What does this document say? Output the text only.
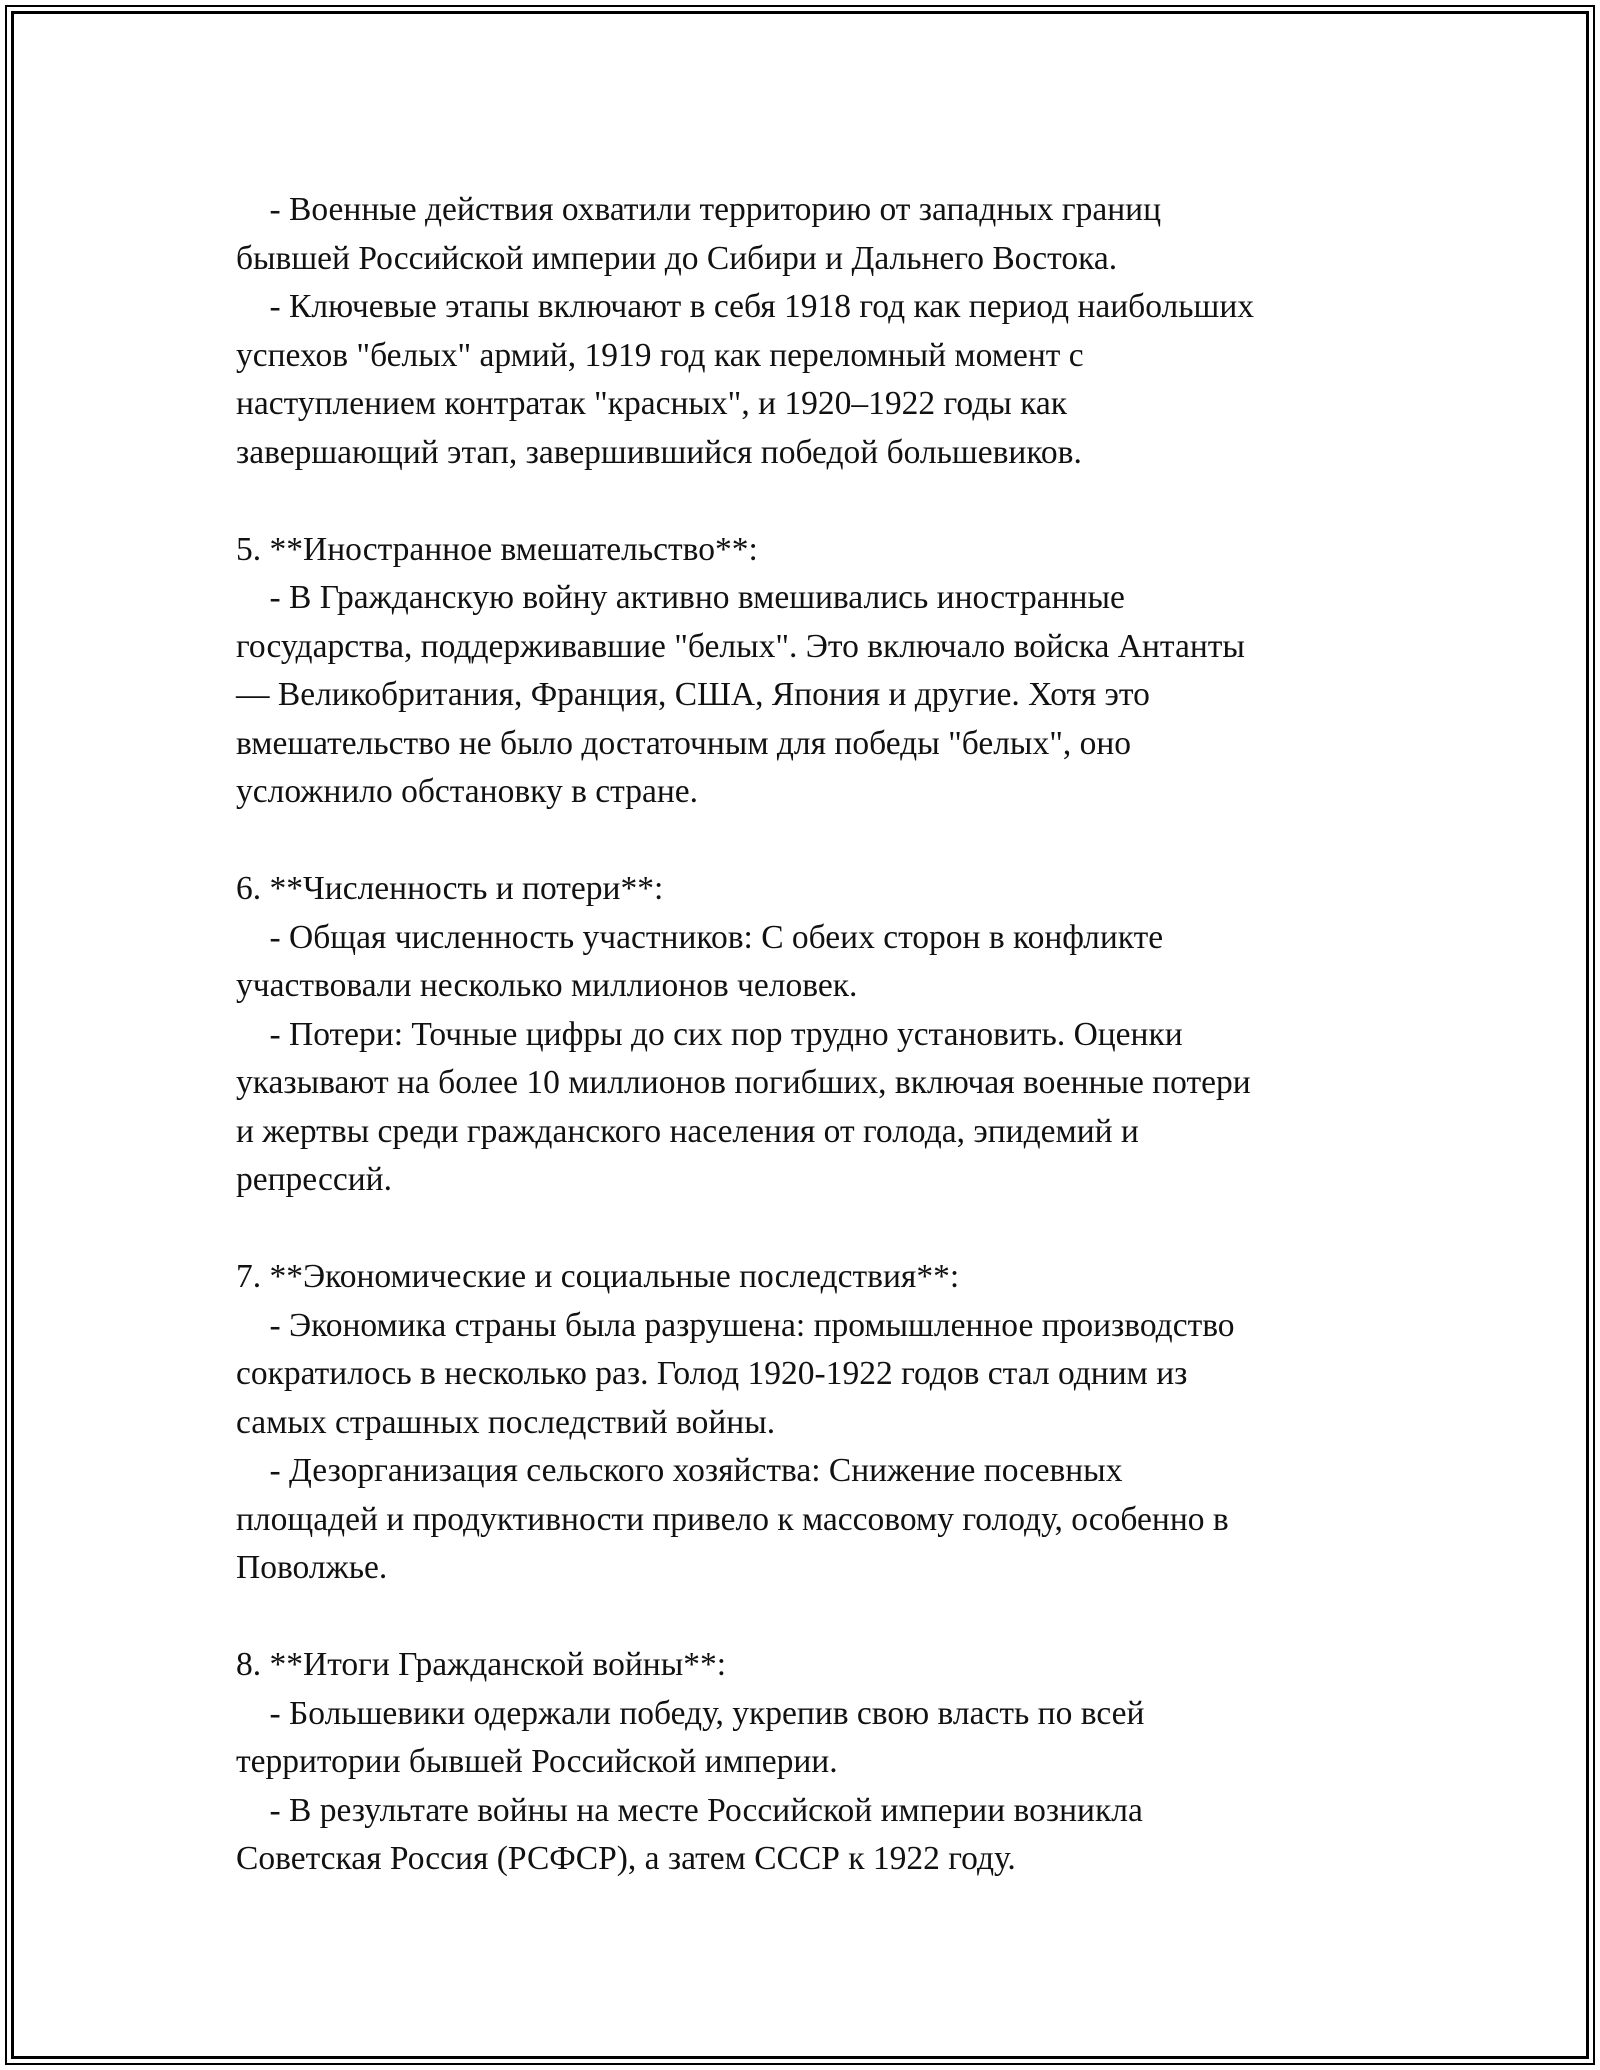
- Военные действия охватили территорию от западных границ
бывшей Российской империи до Сибири и Дальнего Востока.
- Ключевые этапы включают в себя 1918 год как период наибольших
успехов "белых" армий, 1919 год как переломный момент с
наступлением контратак "красных", и 1920–1922 годы как
завершающий этап, завершившийся победой большевиков.
5. **Иностранное вмешательство**:
- В Гражданскую войну активно вмешивались иностранные
государства, поддерживавшие "белых". Это включало войска Антанты
— Великобритания, Франция, США, Япония и другие. Хотя это
вмешательство не было достаточным для победы "белых", оно
усложнило обстановку в стране.
6. **Численность и потери**:
- Общая численность участников: С обеих сторон в конфликте
участвовали несколько миллионов человек.
- Потери: Точные цифры до сих пор трудно установить. Оценки
указывают на более 10 миллионов погибших, включая военные потери
и жертвы среди гражданского населения от голода, эпидемий и
репрессий.
7. **Экономические и социальные последствия**:
- Экономика страны была разрушена: промышленное производство
сократилось в несколько раз. Голод 1920-1922 годов стал одним из
самых страшных последствий войны.
- Дезорганизация сельского хозяйства: Снижение посевных
площадей и продуктивности привело к массовому голоду, особенно в
Поволжье.
8. **Итоги Гражданской войны**:
- Большевики одержали победу, укрепив свою власть по всей
территории бывшей Российской империи.
- В результате войны на месте Российской империи возникла
Советская Россия (РСФСР), а затем СССР к 1922 году.
